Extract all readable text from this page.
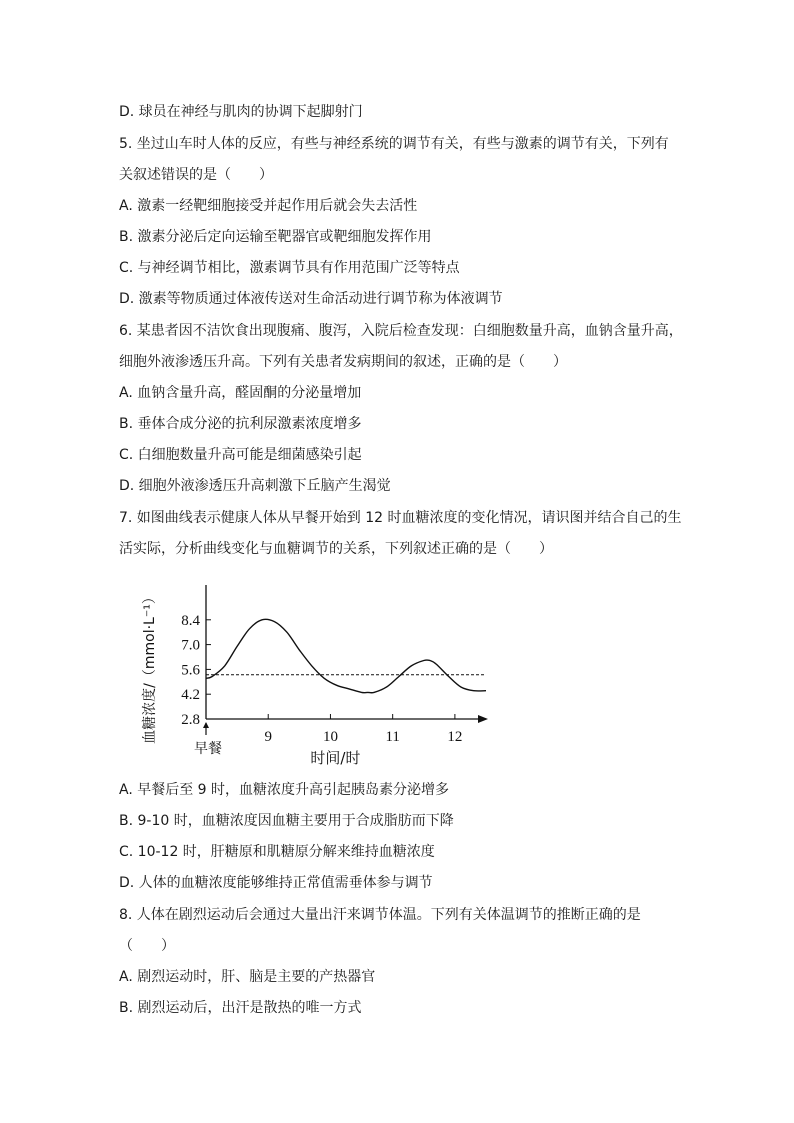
D. 球员在神经与肌肉的协调下起脚射门
5. 坐过山车时人体的反应，有些与神经系统的调节有关，有些与激素的调节有关，下列有
关叙述错误的是（　　）
A. 激素一经靶细胞接受并起作用后就会失去活性
B. 激素分泌后定向运输至靶器官或靶细胞发挥作用
C. 与神经调节相比，激素调节具有作用范围广泛等特点
D. 激素等物质通过体液传送对生命活动进行调节称为体液调节
6. 某患者因不洁饮食出现腹痛、腹泻，入院后检查发现：白细胞数量升高，血钠含量升高，
细胞外液渗透压升高。下列有关患者发病期间的叙述，正确的是（　　）
A. 血钠含量升高，醛固酮的分泌量增加
B. 垂体合成分泌的抗利尿激素浓度增多
C. 白细胞数量升高可能是细菌感染引起
D. 细胞外液渗透压升高刺激下丘脑产生渴觉
7. 如图曲线表示健康人体从早餐开始到 12 时血糖浓度的变化情况，请识图并结合自己的生
活实际，分析曲线变化与血糖调节的关系，下列叙述正确的是（　　）
8.4
7.0
5.6
4.2
2.8
9	10	11	12
早餐	时间/时
血糖浓度/（mmol·L⁻¹）
A. 早餐后至 9 时，血糖浓度升高引起胰岛素分泌增多
B. 9-10 时，血糖浓度因血糖主要用于合成脂肪而下降
C. 10-12 时，肝糖原和肌糖原分解来维持血糖浓度
D. 人体的血糖浓度能够维持正常值需垂体参与调节
8. 人体在剧烈运动后会通过大量出汗来调节体温。下列有关体温调节的推断正确的是
（　　）
A. 剧烈运动时，肝、脑是主要的产热器官
B. 剧烈运动后，出汗是散热的唯一方式
